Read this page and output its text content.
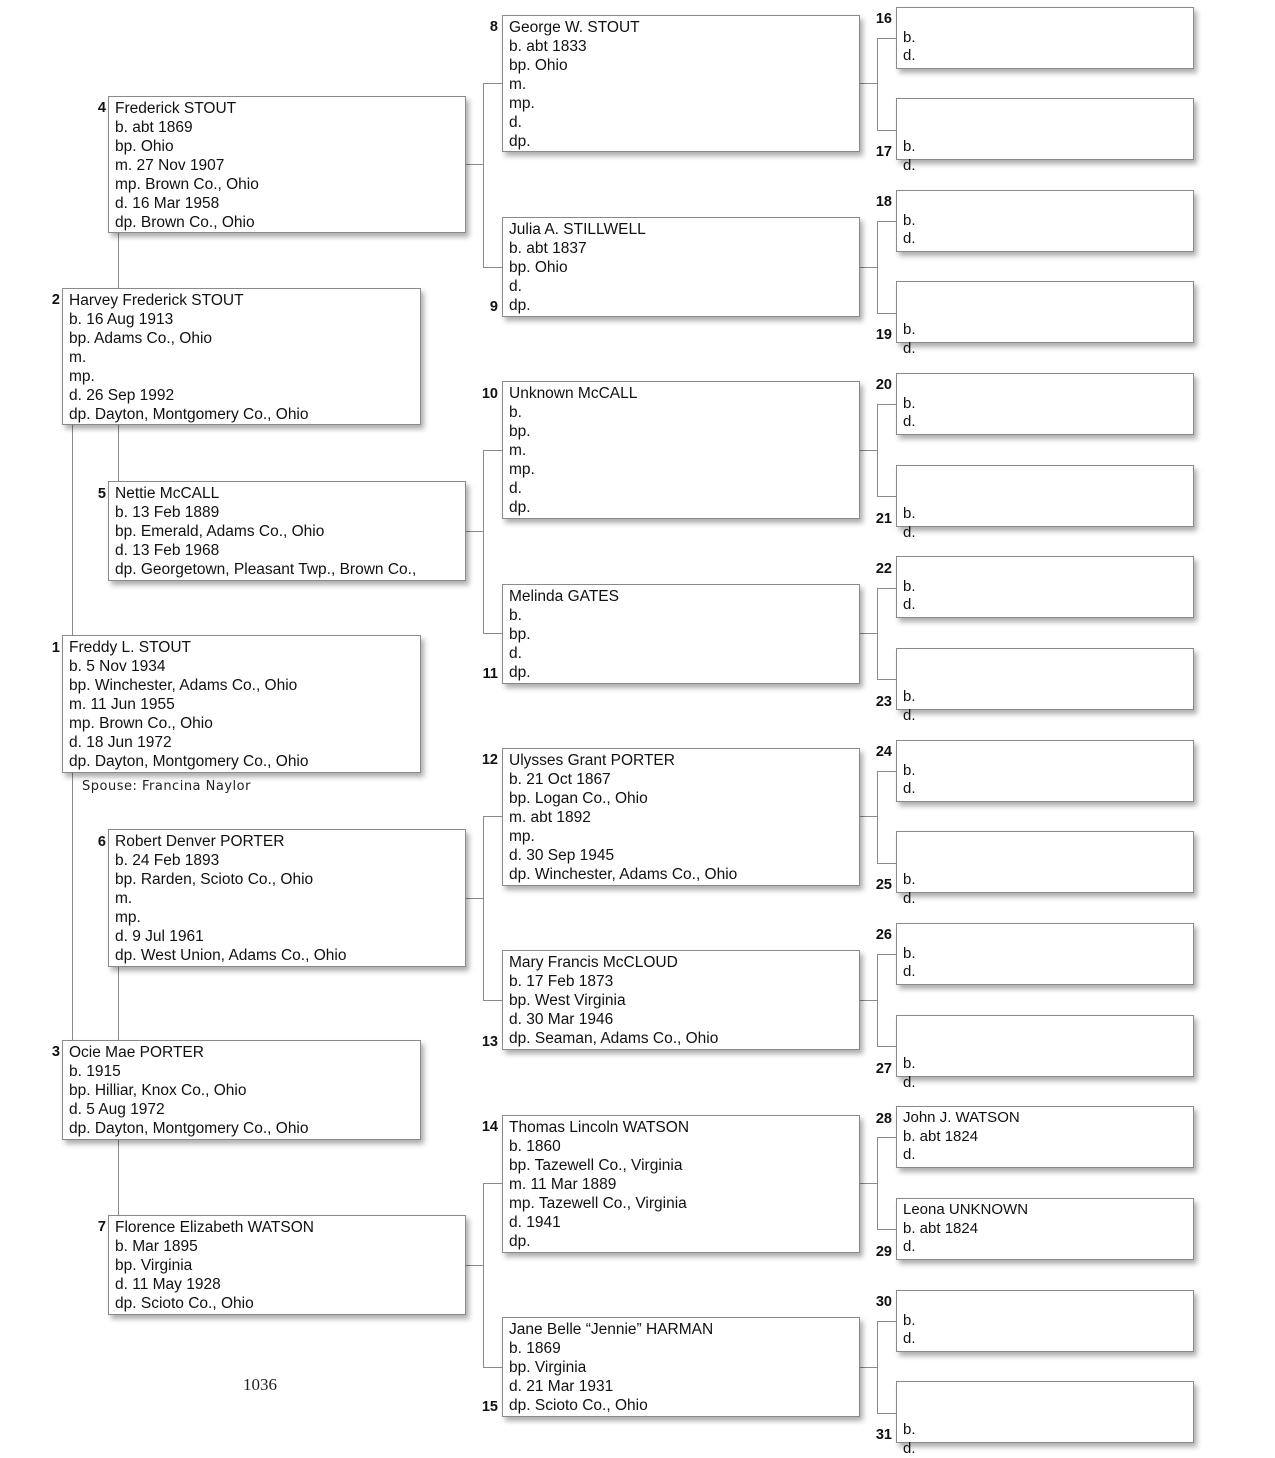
Freddy L. STOUT
b. 5 Nov 1934
bp. Winchester, Adams Co., Ohio
m. 11 Jun 1955
mp. Brown Co., Ohio
d. 18 Jun 1972
dp. Dayton, Montgomery Co., Ohio
1
Harvey Frederick STOUT
b. 16 Aug 1913
bp. Adams Co., Ohio
m.
mp.
d. 26 Sep 1992
dp. Dayton, Montgomery Co., Ohio
2
Ocie Mae PORTER
b. 1915
bp. Hilliar, Knox Co., Ohio
d. 5 Aug 1972
dp. Dayton, Montgomery Co., Ohio
3
Frederick STOUT
b. abt 1869
bp. Ohio
m. 27 Nov 1907
mp. Brown Co., Ohio
d. 16 Mar 1958
dp. Brown Co., Ohio
4
Nettie McCALL
b. 13 Feb 1889
bp. Emerald, Adams Co., Ohio
d. 13 Feb 1968
dp. Georgetown, Pleasant Twp., Brown Co.,
5
Robert Denver PORTER
b. 24 Feb 1893
bp. Rarden, Scioto Co., Ohio
m.
mp.
d. 9 Jul 1961
dp. West Union, Adams Co., Ohio
6
Florence Elizabeth WATSON
b. Mar 1895
bp. Virginia
d. 11 May 1928
dp. Scioto Co., Ohio
7
George W. STOUT
b. abt 1833
bp. Ohio
m.
mp.
d.
dp.
8
Julia A. STILLWELL
b. abt 1837
bp. Ohio
d.
dp.
9
Unknown McCALL
b.
bp.
m.
mp.
d.
dp.
10
Melinda GATES
b.
bp.
d.
dp.
11
Ulysses Grant PORTER
b. 21 Oct 1867
bp. Logan Co., Ohio
m. abt 1892
mp.
d. 30 Sep 1945
dp. Winchester, Adams Co., Ohio
12
Mary Francis McCLOUD
b. 17 Feb 1873
bp. West Virginia
d. 30 Mar 1946
dp. Seaman, Adams Co., Ohio
13
Thomas Lincoln WATSON
b. 1860
bp. Tazewell Co., Virginia
m. 11 Mar 1889
mp. Tazewell Co., Virginia
d. 1941
dp.
14
Jane Belle “Jennie” HARMAN
b. 1869
bp. Virginia
d. 21 Mar 1931
dp. Scioto Co., Ohio
15

b.
d.
16

b.
d.
17

b.
d.
18

b.
d.
19

b.
d.
20

b.
d.
21

b.
d.
22

b.
d.
23

b.
d.
24

b.
d.
25

b.
d.
26

b.
d.
27
John J. WATSON
b. abt 1824
d.
28
Leona UNKNOWN
b. abt 1824
d.
29

b.
d.
30

b.
d.
31
Spouse: Francina Naylor
1036
